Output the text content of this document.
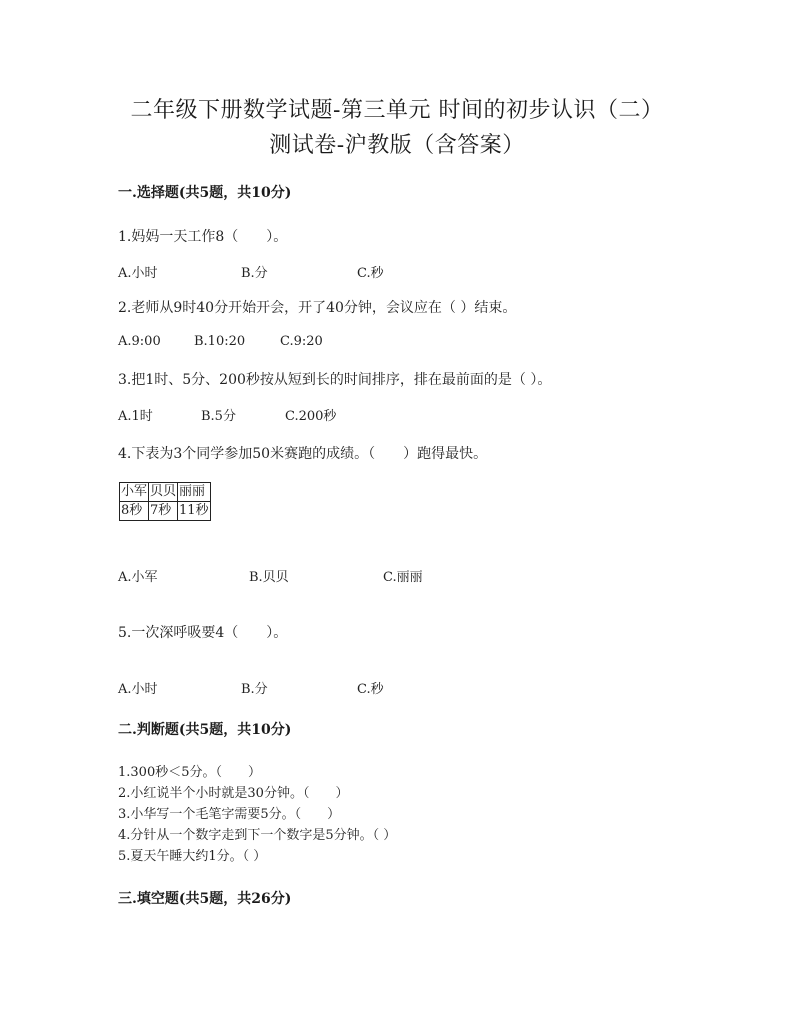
二年级下册数学试题-第三单元 时间的初步认识（二）
测试卷-沪教版（含答案）
一.选择题(共5题，共10分)
1.妈妈一天工作8（　　）。
A.小时	B.分	C.秒
2.老师从9时40分开始开会，开了40分钟，会议应在（ ）结束。
A.9:00	B.10:20	C.9:20
3.把1时、5分、200秒按从短到长的时间排序，排在最前面的是（ ）。
A.1时	B.5分	C.200秒
4.下表为3个同学参加50米赛跑的成绩。（　　）跑得最快。
小军	贝贝	丽丽
8秒	7秒	11秒
A.小军	B.贝贝	C.丽丽
5.一次深呼吸要4（　　）。
A.小时	B.分	C.秒
二.判断题(共5题，共10分)
1.300秒＜5分。（　　）
2.小红说半个小时就是30分钟。（　　）
3.小华写一个毛笔字需要5分。（　　）
4.分针从一个数字走到下一个数字是5分钟。（ ）
5.夏天午睡大约1分。（ ）
三.填空题(共5题，共26分)
